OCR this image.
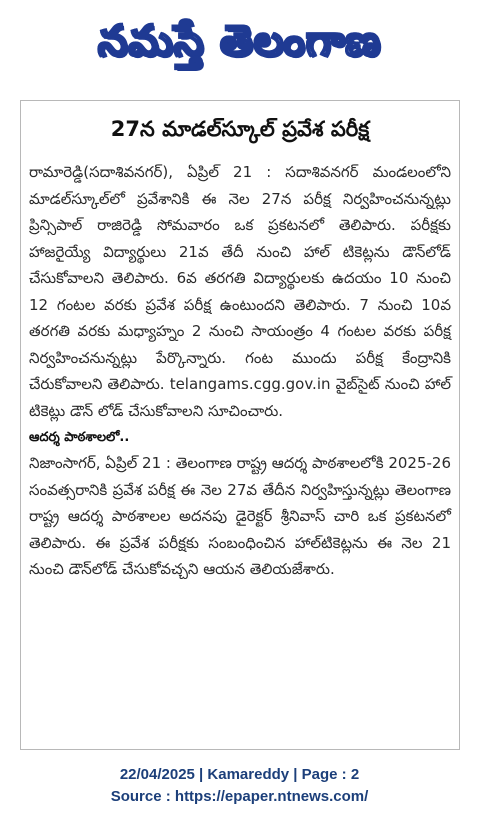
నమస్తే తెలంగాణ
27న మాడల్‌స్కూల్ ప్రవేశ పరీక్ష

రామారెడ్డి(సదాశివనగర్), ఏప్రిల్ 21 : సదాశివనగర్ మండలంలోని మాడల్‌స్కూల్‌లో ప్రవేశానికి ఈ నెల 27న పరీక్ష నిర్వహించనున్నట్లు ప్రిన్సిపాల్ రాజిరెడ్డి సోమవారం ఒక ప్రకటనలో తెలిపారు. పరీక్షకు హాజరైయ్యే విద్యార్థులు 21వ తేదీ నుంచి హాల్ టికెట్లను డౌన్‌లోడ్ చేసుకోవాలని తెలిపారు. 6వ తరగతి విద్యార్థులకు ఉదయం 10 నుంచి 12 గంటల వరకు ప్రవేశ పరీక్ష ఉంటుందని తెలిపారు. 7 నుంచి 10వ తరగతి వరకు మధ్యాహ్నం 2 నుంచి సాయంత్రం 4 గంటల వరకు పరీక్ష నిర్వహించనున్నట్లు పేర్కొన్నారు. గంట ముందు పరీక్ష కేంద్రానికి చేరుకోవాలని తెలిపారు. telangams.cgg.gov.in వైబ్‌సైట్ నుంచి హాల్ టికెట్లు డౌన్ లోడ్ చేసుకోవాలని సూచించారు.

ఆదర్శ పాఠశాలలో..

నిజాంసాగర్, ఏప్రిల్ 21 : తెలంగాణ రాష్ట్ర ఆదర్శ పాఠశాలలోకి 2025-26 సంవత్సరానికి ప్రవేశ పరీక్ష ఈ నెల 27వ తేదీన నిర్వహిస్తున్నట్లు తెలంగాణ రాష్ట్ర ఆదర్శ పాఠశాలల అదనపు డైరెక్టర్ శ్రీనివాస్ చారి ఒక ప్రకటనలో తెలిపారు. ఈ ప్రవేశ పరీక్షకు సంబంధించిన హాల్‌టికెట్లను ఈ నెల 21 నుంచి డౌన్‌లోడ్ చేసుకోవచ్చని ఆయన తెలియజేశారు.

22/04/2025 | Kamareddy | Page : 2
Source : https://epaper.ntnews.com/
